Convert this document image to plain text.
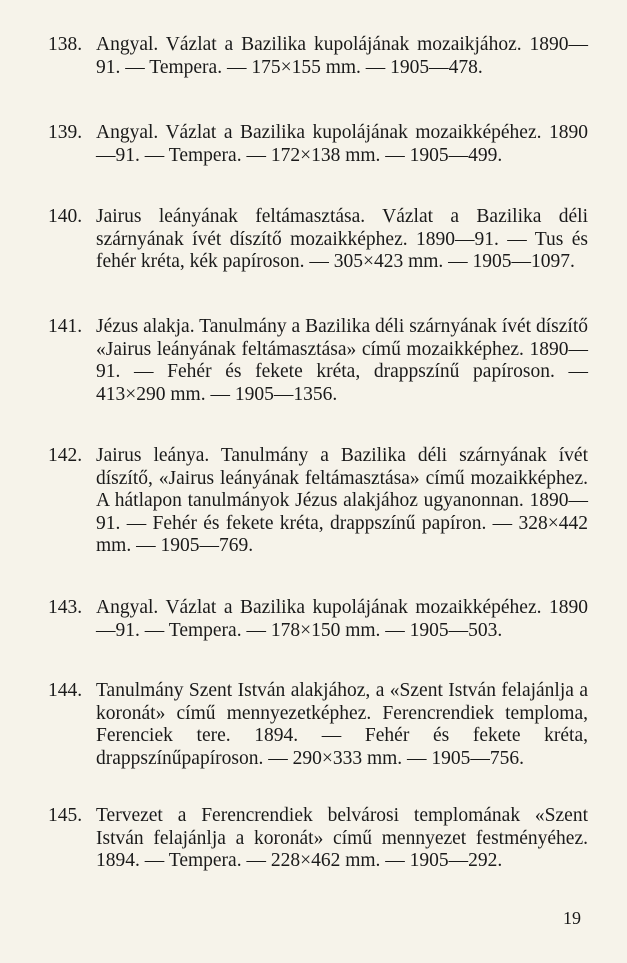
138. Angyal. Vázlat a Bazilika kupolájának mozaikjához. 1890—91. — Tempera. — 175×155 mm. — 1905—478.
139. Angyal. Vázlat a Bazilika kupolájának mozaikképéhez. 1890—91. — Tempera. — 172×138 mm. — 1905—499.
140. Jairus leányának feltámasztása. Vázlat a Bazilika déli szárnyának ívét díszítő mozaikképhez. 1890—91. — Tus és fehér kréta, kék papíroson. — 305×423 mm. — 1905—1097.
141. Jézus alakja. Tanulmány a Bazilika déli szárnyának ívét díszítő «Jairus leányának feltámasztása» című mozaikképhez. 1890—91. — Fehér és fekete kréta, drappszínű papíroson. — 413×290 mm. — 1905—1356.
142. Jairus leánya. Tanulmány a Bazilika déli szárnyának ívét díszítő, «Jairus leányának feltámasztása» című mozaikképhez. A hátlapon tanulmányok Jézus alakjához ugyanonnan. 1890—91. — Fehér és fekete kréta, drappszínű papíron. — 328×442 mm. — 1905—769.
143. Angyal. Vázlat a Bazilika kupolájának mozaikképéhez. 1890—91. — Tempera. — 178×150 mm. — 1905—503.
144. Tanulmány Szent István alakjához, a «Szent István felajánlja a koronát» című mennyezetképhez. Ferencrendiek temploma, Ferenciek tere. 1894. — Fehér és fekete kréta, drappszínűpapíroson. — 290×333 mm. — 1905—756.
145. Tervezet a Ferencrendiek belvárosi templomának «Szent István felajánlja a koronát» című mennyezet festményéhez. 1894. — Tempera. — 228×462 mm. — 1905—292.
19
